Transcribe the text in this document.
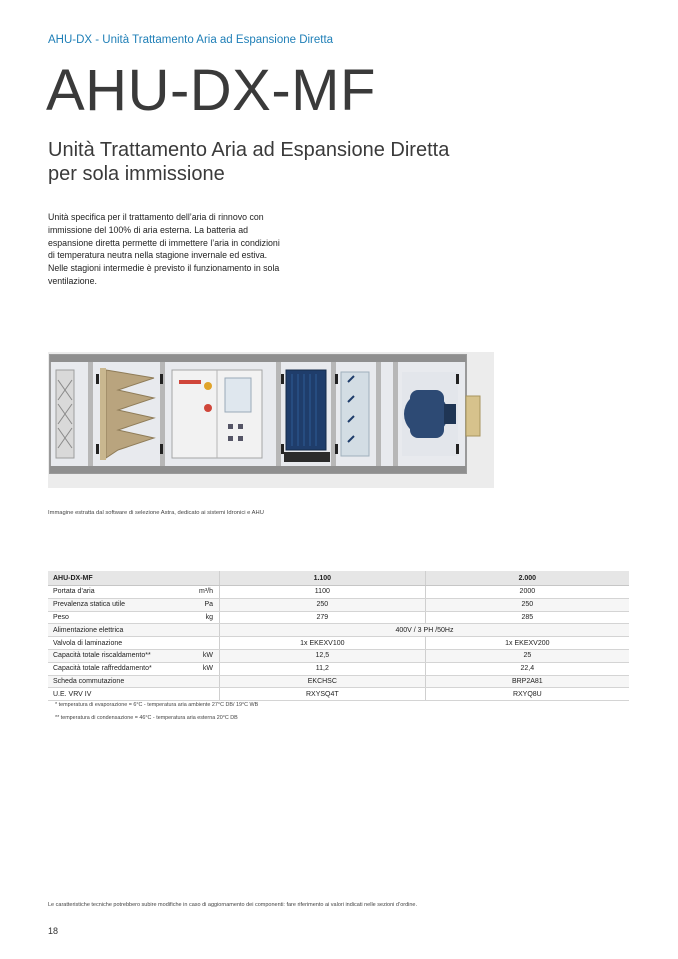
AHU-DX - Unità Trattamento Aria ad Espansione Diretta
AHU-DX-MF
Unità Trattamento Aria ad Espansione Diretta
per sola immissione

Unità specifica per il trattamento dell’aria di rinnovo con immissione del 100% di aria esterna. La batteria ad espansione diretta permette di immettere l’aria in condizioni di temperatura neutra nella stagione invernale ed estiva.

Nelle stagioni intermedie è previsto il funzionamento in sola ventilazione.

Immagine estratta dal software di selezione Astra, dedicato ai sistemi Idronici e AHU
AHU-DX-MF		1.100	2.000
Portata d’aria	m³/h	1100	2000
Prevalenza statica utile	Pa	250	250
Peso	kg	279	285
Alimentazione elettrica		400V / 3 PH /50Hz	
Valvola di laminazione		1x EKEXV100	1x EKEXV200
Capacità totale riscaldamento**	kW	12,5	25
Capacità totale raffreddamento*	kW	11,2	22,4
Scheda commutazione		EKCHSC	BRP2A81
U.E. VRV IV		RXYSQ4T	RXYQ8U
* temperatura di evaporazione = 6°C - temperatura aria ambiente 27°C DB/ 19°C WB
** temperatura di condensazione = 46°C - temperatura aria esterna 20°C DB
Le caratteristiche tecniche potrebbero subire modifiche in caso di aggiornamento dei componenti: fare riferimento ai valori indicati nelle sezioni d’ordine.
18
